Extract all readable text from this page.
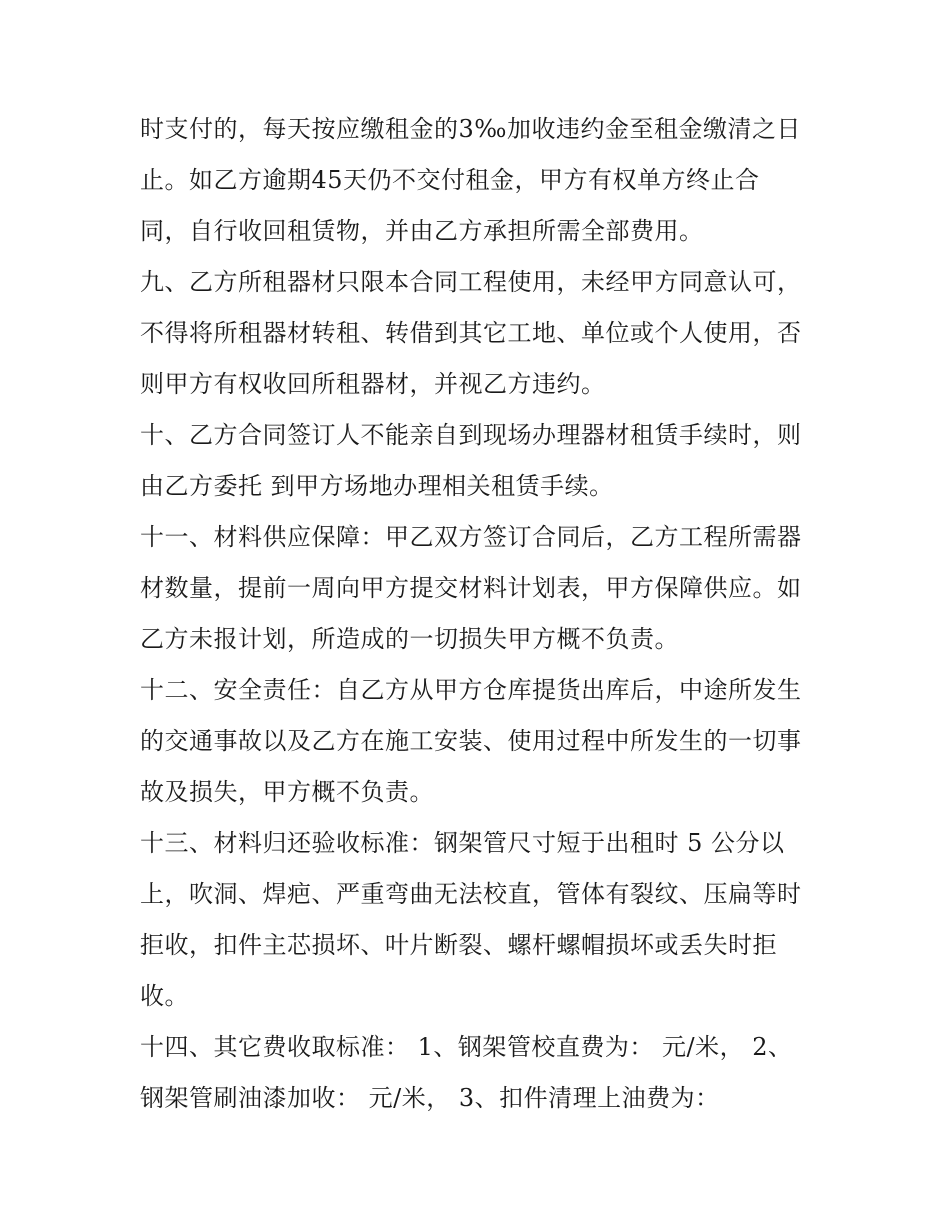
时支付的，每天按应缴租金的3‰加收违约金至租金缴清之日
止。如乙方逾期45天仍不交付租金，甲方有权单方终止合
同，自行收回租赁物，并由乙方承担所需全部费用。
九、乙方所租器材只限本合同工程使用，未经甲方同意认可，
不得将所租器材转租、转借到其它工地、单位或个人使用，否
则甲方有权收回所租器材，并视乙方违约。
十、乙方合同签订人不能亲自到现场办理器材租赁手续时，则
由乙方委托 到甲方场地办理相关租赁手续。
十一、材料供应保障：甲乙双方签订合同后，乙方工程所需器
材数量，提前一周向甲方提交材料计划表，甲方保障供应。如
乙方未报计划，所造成的一切损失甲方概不负责。
十二、安全责任：自乙方从甲方仓库提货出库后，中途所发生
的交通事故以及乙方在施工安装、使用过程中所发生的一切事
故及损失，甲方概不负责。
十三、材料归还验收标准：钢架管尺寸短于出租时 5 公分以
上，吹洞、焊疤、严重弯曲无法校直，管体有裂纹、压扁等时
拒收，扣件主芯损坏、叶片断裂、螺杆螺帽损坏或丢失时拒
收。
十四、其它费收取标准： 1、钢架管校直费为： 元/米， 2、
钢架管刷油漆加收： 元/米， 3、扣件清理上油费为：
